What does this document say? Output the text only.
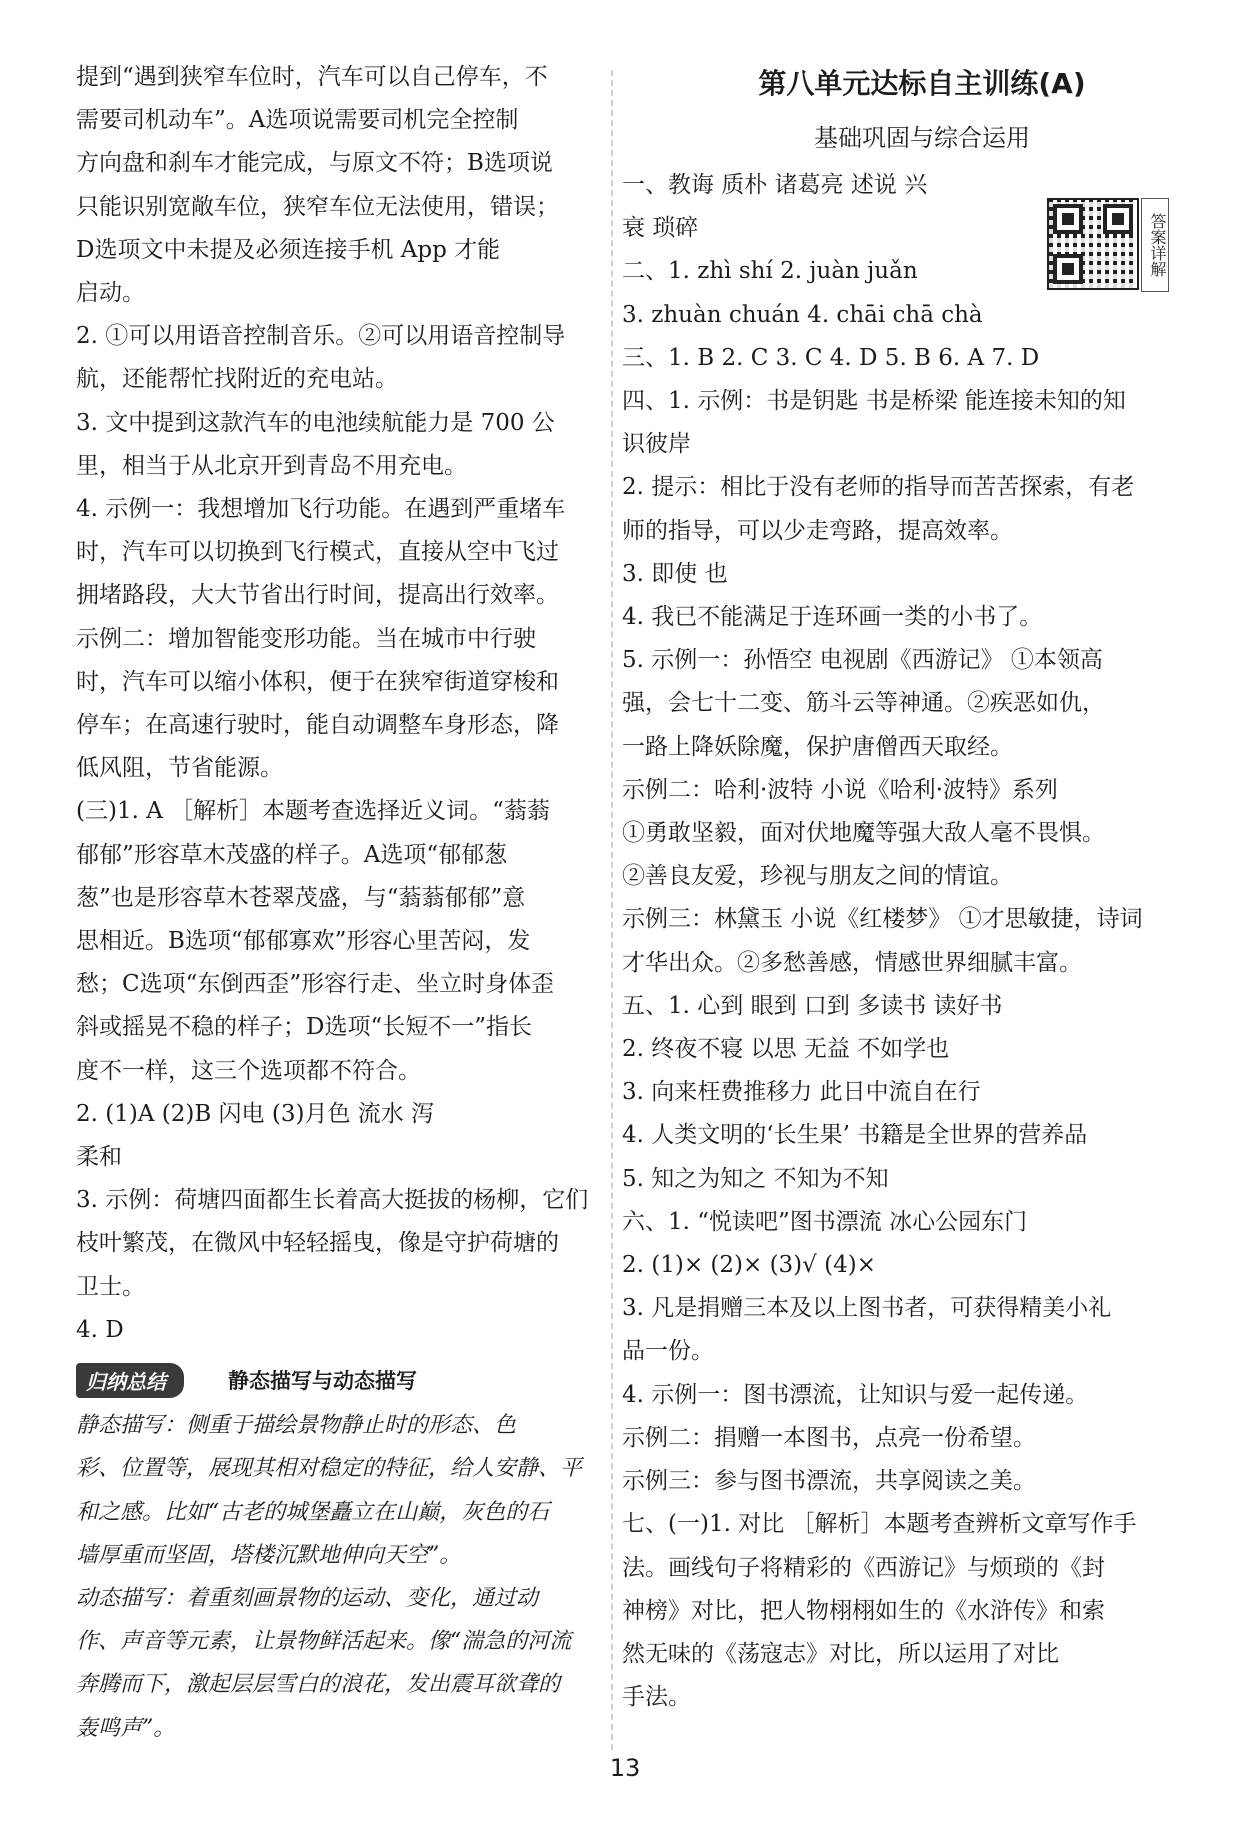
提到“遇到狭窄车位时，汽车可以自己停车，不
需要司机动车”。A选项说需要司机完全控制
方向盘和刹车才能完成，与原文不符；B选项说
只能识别宽敞车位，狭窄车位无法使用，错误；
D选项文中未提及必须连接手机 App 才能
启动。
2. ①可以用语音控制音乐。②可以用语音控制导
航，还能帮忙找附近的充电站。
3. 文中提到这款汽车的电池续航能力是 700 公
里，相当于从北京开到青岛不用充电。
4. 示例一：我想增加飞行功能。在遇到严重堵车
时，汽车可以切换到飞行模式，直接从空中飞过
拥堵路段，大大节省出行时间，提高出行效率。
示例二：增加智能变形功能。当在城市中行驶
时，汽车可以缩小体积，便于在狭窄街道穿梭和
停车；在高速行驶时，能自动调整车身形态，降
低风阻，节省能源。
(三)1. A ［解析］本题考查选择近义词。“蓊蓊
郁郁”形容草木茂盛的样子。A选项“郁郁葱
葱”也是形容草木苍翠茂盛，与“蓊蓊郁郁”意
思相近。B选项“郁郁寡欢”形容心里苦闷，发
愁；C选项“东倒西歪”形容行走、坐立时身体歪
斜或摇晃不稳的样子；D选项“长短不一”指长
度不一样，这三个选项都不符合。
2. (1)A (2)B 闪电 (3)月色 流水 泻
柔和
3. 示例：荷塘四面都生长着高大挺拔的杨柳，它们
枝叶繁茂，在微风中轻轻摇曳，像是守护荷塘的
卫士。
4. D
归纳总结	静态描写与动态描写
静态描写：侧重于描绘景物静止时的形态、色
彩、位置等，展现其相对稳定的特征，给人安静、平
和之感。比如“古老的城堡矗立在山巅，灰色的石
墙厚重而坚固，塔楼沉默地伸向天空”。
动态描写：着重刻画景物的运动、变化，通过动
作、声音等元素，让景物鲜活起来。像“湍急的河流
奔腾而下，激起层层雪白的浪花，发出震耳欲聋的
轰鸣声”。
第八单元达标自主训练(A)
基础巩固与综合运用
一、教诲 质朴 诸葛亮 述说 兴
衰 琐碎
二、1. zhì shí 2. juàn juǎn
3. zhuàn chuán 4. chāi chā chà
三、1. B 2. C 3. C 4. D 5. B 6. A 7. D
四、1. 示例：书是钥匙 书是桥梁 能连接未知的知
识彼岸
2. 提示：相比于没有老师的指导而苦苦探索，有老
师的指导，可以少走弯路，提高效率。
3. 即使 也
4. 我已不能满足于连环画一类的小书了。
5. 示例一：孙悟空 电视剧《西游记》 ①本领高
强，会七十二变、筋斗云等神通。②疾恶如仇，
一路上降妖除魔，保护唐僧西天取经。
示例二：哈利·波特 小说《哈利·波特》系列
①勇敢坚毅，面对伏地魔等强大敌人毫不畏惧。
②善良友爱，珍视与朋友之间的情谊。
示例三：林黛玉 小说《红楼梦》 ①才思敏捷，诗词
才华出众。②多愁善感，情感世界细腻丰富。
五、1. 心到 眼到 口到 多读书 读好书
2. 终夜不寝 以思 无益 不如学也
3. 向来枉费推移力 此日中流自在行
4. 人类文明的‘长生果’ 书籍是全世界的营养品
5. 知之为知之 不知为不知
六、1. “悦读吧”图书漂流 冰心公园东门
2. (1)× (2)× (3)√ (4)×
3. 凡是捐赠三本及以上图书者，可获得精美小礼
品一份。
4. 示例一：图书漂流，让知识与爱一起传递。
示例二：捐赠一本图书，点亮一份希望。
示例三：参与图书漂流，共享阅读之美。
七、(一)1. 对比 ［解析］本题考查辨析文章写作手
法。画线句子将精彩的《西游记》与烦琐的《封
神榜》对比，把人物栩栩如生的《水浒传》和索
然无味的《荡寇志》对比，所以运用了对比
手法。
答案详解
13
